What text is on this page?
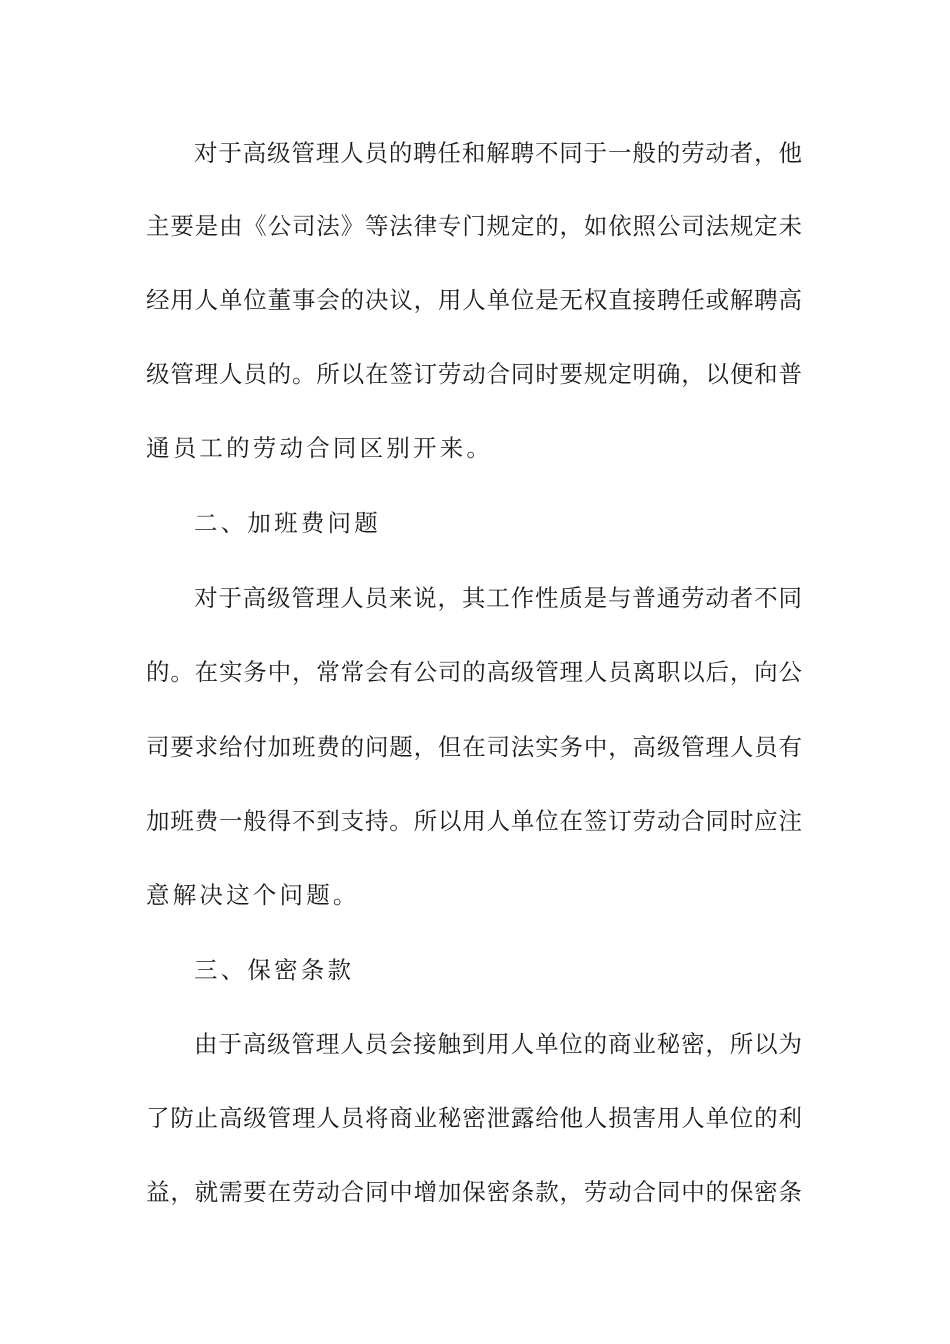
对于高级管理人员的聘任和解聘不同于一般的劳动者，他
主要是由《公司法》等法律专门规定的，如依照公司法规定未
经用人单位董事会的决议，用人单位是无权直接聘任或解聘高
级管理人员的。所以在签订劳动合同时要规定明确，以便和普
通员工的劳动合同区别开来。
二、加班费问题
对于高级管理人员来说，其工作性质是与普通劳动者不同
的。在实务中，常常会有公司的高级管理人员离职以后，向公
司要求给付加班费的问题，但在司法实务中，高级管理人员有
加班费一般得不到支持。所以用人单位在签订劳动合同时应注
意解决这个问题。
三、保密条款
由于高级管理人员会接触到用人单位的商业秘密，所以为
了防止高级管理人员将商业秘密泄露给他人损害用人单位的利
益，就需要在劳动合同中增加保密条款，劳动合同中的保密条
